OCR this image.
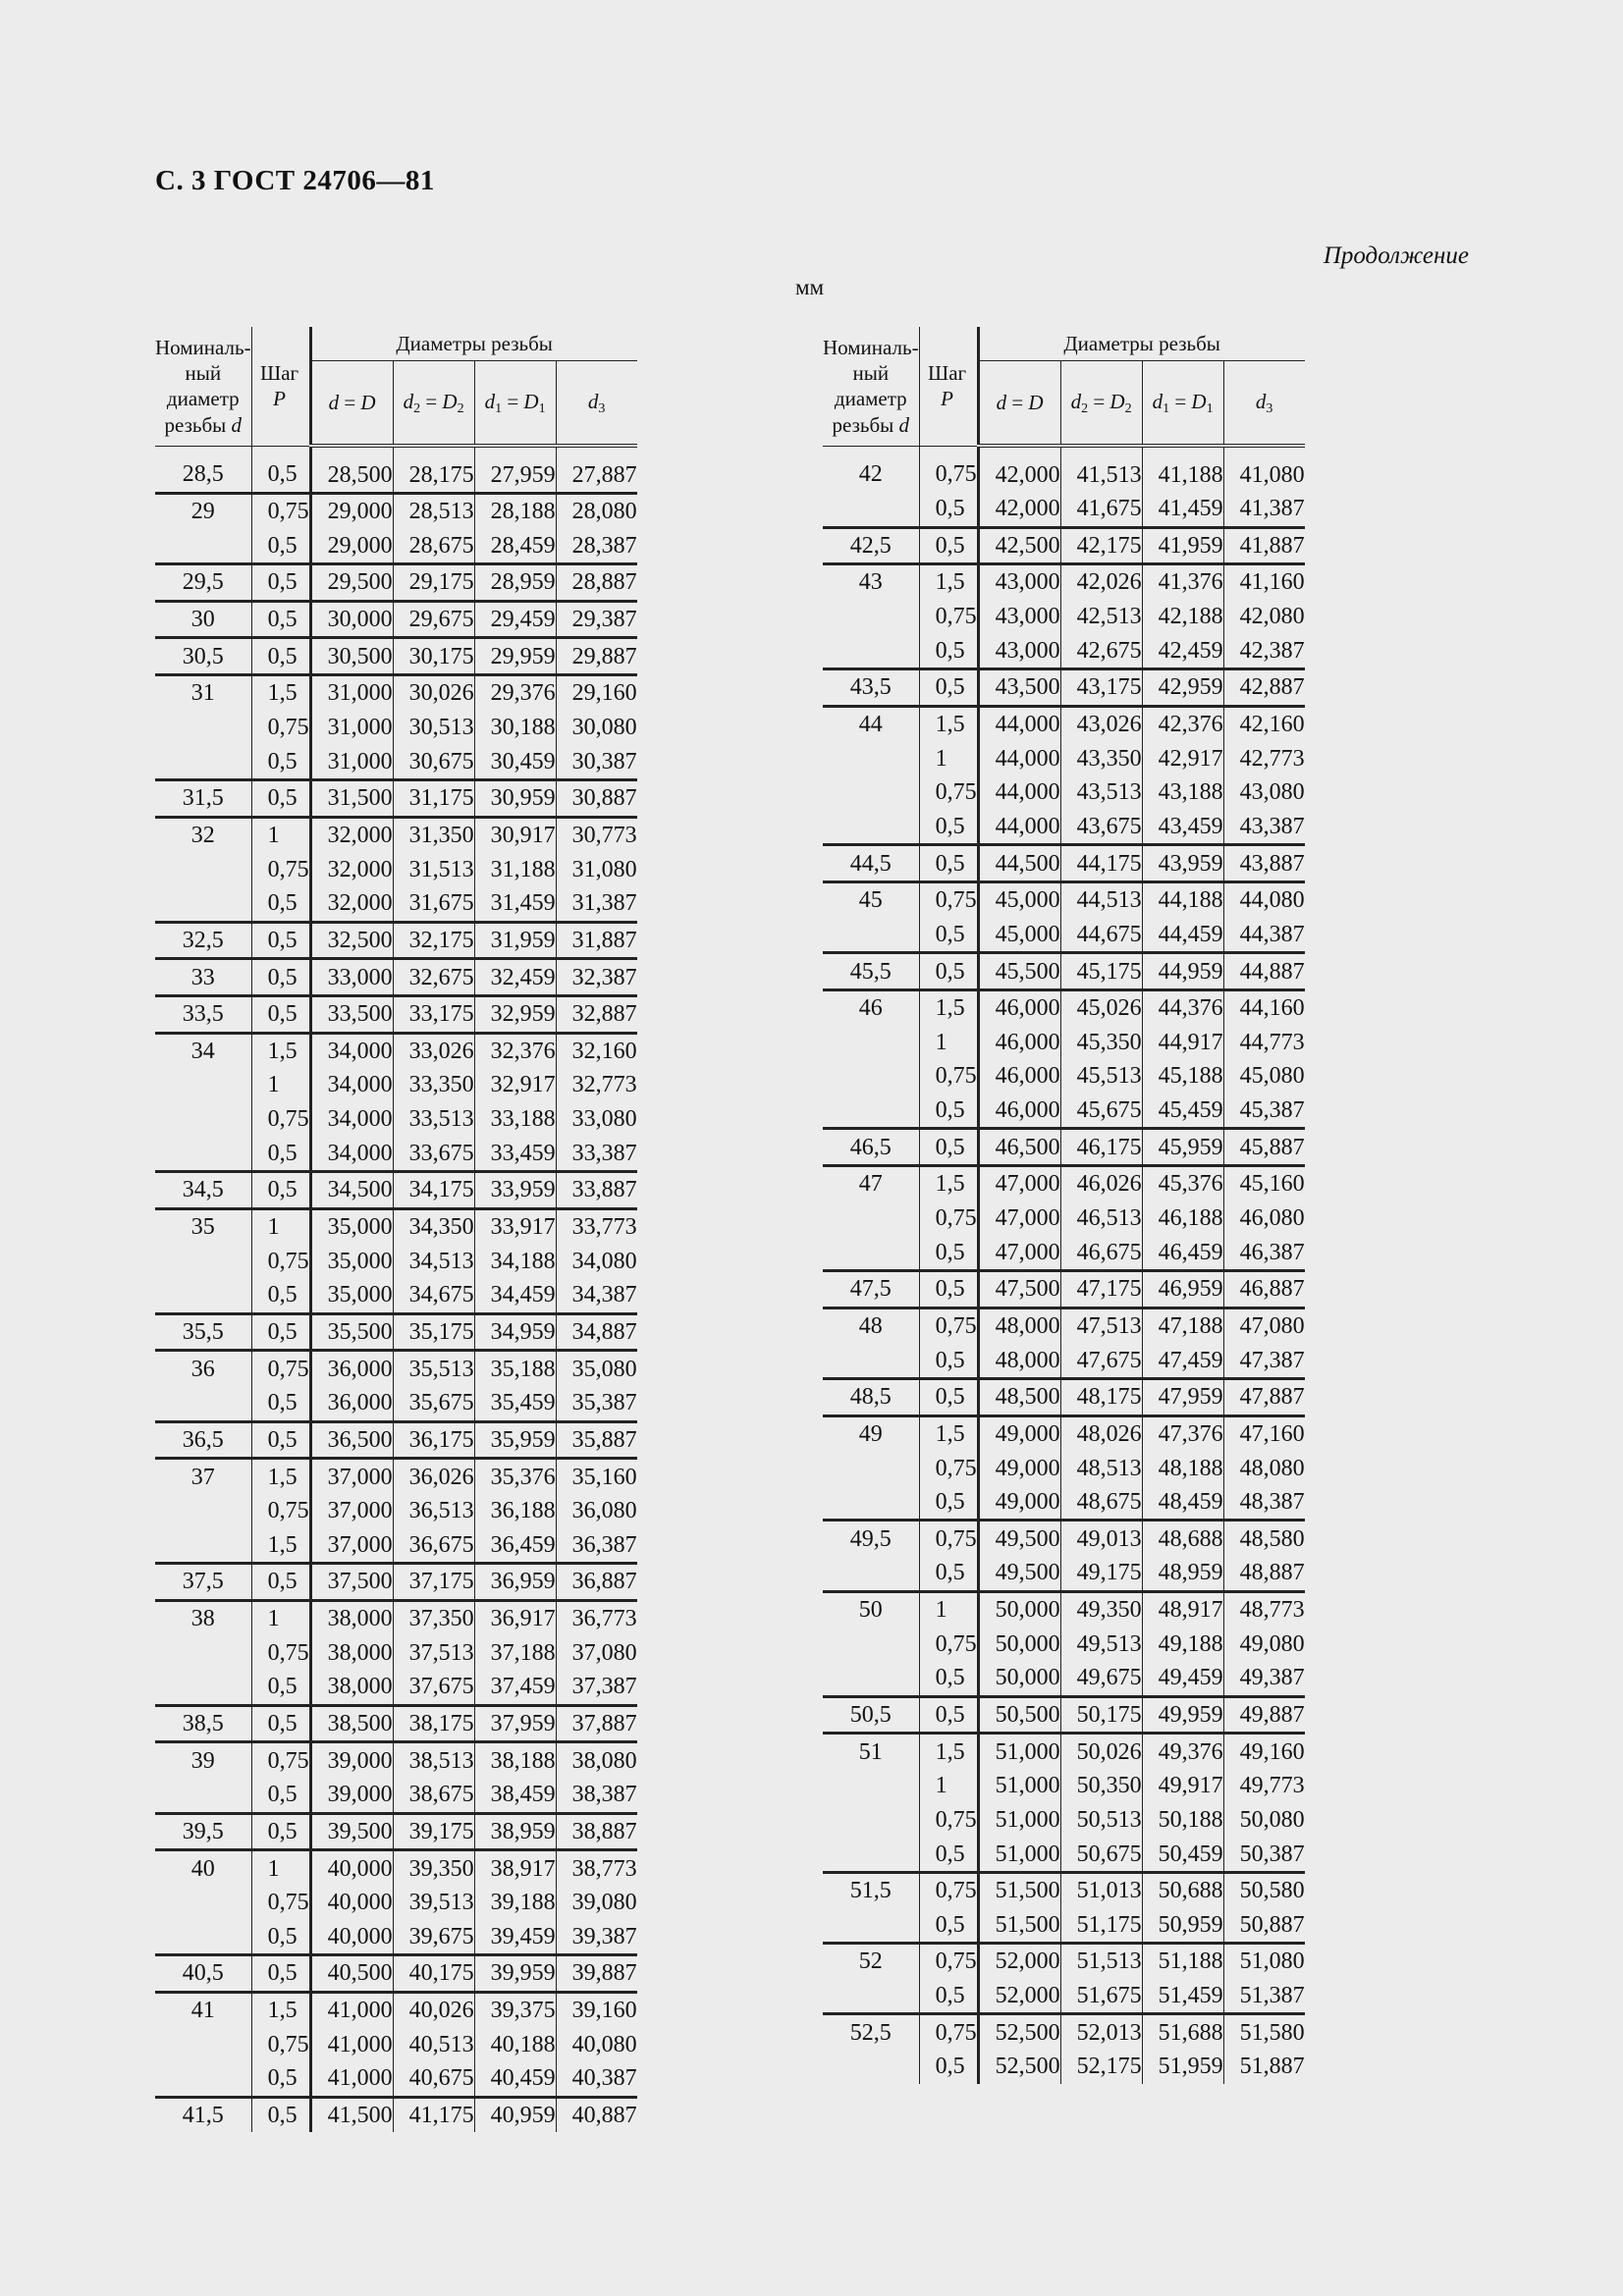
С. 3 ГОСТ 24706—81
Продолжение
мм
Номиналь-
ный
диаметр
резьбы d	Шаг P	Диаметры резьбы			
		d = D	$d_2 = D_2$	$d_1 = D_1$	$d_3$
28,5	0,5	28,500	28,175	27,959	27,887
29	0,75	29,000	28,513	28,188	28,080
	0,5	29,000	28,675	28,459	28,387
29,5	0,5	29,500	29,175	28,959	28,887
30	0,5	30,000	29,675	29,459	29,387
30,5	0,5	30,500	30,175	29,959	29,887
31	1,5	31,000	30,026	29,376	29,160
	0,75	31,000	30,513	30,188	30,080
	0,5	31,000	30,675	30,459	30,387
31,5	0,5	31,500	31,175	30,959	30,887
32	1	32,000	31,350	30,917	30,773
	0,75	32,000	31,513	31,188	31,080
	0,5	32,000	31,675	31,459	31,387
32,5	0,5	32,500	32,175	31,959	31,887
33	0,5	33,000	32,675	32,459	32,387
33,5	0,5	33,500	33,175	32,959	32,887
34	1,5	34,000	33,026	32,376	32,160
	1	34,000	33,350	32,917	32,773
	0,75	34,000	33,513	33,188	33,080
	0,5	34,000	33,675	33,459	33,387
34,5	0,5	34,500	34,175	33,959	33,887
35	1	35,000	34,350	33,917	33,773
	0,75	35,000	34,513	34,188	34,080
	0,5	35,000	34,675	34,459	34,387
35,5	0,5	35,500	35,175	34,959	34,887
36	0,75	36,000	35,513	35,188	35,080
	0,5	36,000	35,675	35,459	35,387
36,5	0,5	36,500	36,175	35,959	35,887
37	1,5	37,000	36,026	35,376	35,160
	0,75	37,000	36,513	36,188	36,080
	1,5	37,000	36,675	36,459	36,387
37,5	0,5	37,500	37,175	36,959	36,887
38	1	38,000	37,350	36,917	36,773
	0,75	38,000	37,513	37,188	37,080
	0,5	38,000	37,675	37,459	37,387
38,5	0,5	38,500	38,175	37,959	37,887
39	0,75	39,000	38,513	38,188	38,080
	0,5	39,000	38,675	38,459	38,387
39,5	0,5	39,500	39,175	38,959	38,887
40	1	40,000	39,350	38,917	38,773
	0,75	40,000	39,513	39,188	39,080
	0,5	40,000	39,675	39,459	39,387
40,5	0,5	40,500	40,175	39,959	39,887
41	1,5	41,000	40,026	39,375	39,160
	0,75	41,000	40,513	40,188	40,080
	0,5	41,000	40,675	40,459	40,387
41,5	0,5	41,500	41,175	40,959	40,887
Номиналь-
ный
диаметр
резьбы d	Шаг P	Диаметры резьбы			
		d = D	$d_2 = D_2$	$d_1 = D_1$	$d_3$
42	0,75	42,000	41,513	41,188	41,080
	0,5	42,000	41,675	41,459	41,387
42,5	0,5	42,500	42,175	41,959	41,887
43	1,5	43,000	42,026	41,376	41,160
	0,75	43,000	42,513	42,188	42,080
	0,5	43,000	42,675	42,459	42,387
43,5	0,5	43,500	43,175	42,959	42,887
44	1,5	44,000	43,026	42,376	42,160
	1	44,000	43,350	42,917	42,773
	0,75	44,000	43,513	43,188	43,080
	0,5	44,000	43,675	43,459	43,387
44,5	0,5	44,500	44,175	43,959	43,887
45	0,75	45,000	44,513	44,188	44,080
	0,5	45,000	44,675	44,459	44,387
45,5	0,5	45,500	45,175	44,959	44,887
46	1,5	46,000	45,026	44,376	44,160
	1	46,000	45,350	44,917	44,773
	0,75	46,000	45,513	45,188	45,080
	0,5	46,000	45,675	45,459	45,387
46,5	0,5	46,500	46,175	45,959	45,887
47	1,5	47,000	46,026	45,376	45,160
	0,75	47,000	46,513	46,188	46,080
	0,5	47,000	46,675	46,459	46,387
47,5	0,5	47,500	47,175	46,959	46,887
48	0,75	48,000	47,513	47,188	47,080
	0,5	48,000	47,675	47,459	47,387
48,5	0,5	48,500	48,175	47,959	47,887
49	1,5	49,000	48,026	47,376	47,160
	0,75	49,000	48,513	48,188	48,080
	0,5	49,000	48,675	48,459	48,387
49,5	0,75	49,500	49,013	48,688	48,580
	0,5	49,500	49,175	48,959	48,887
50	1	50,000	49,350	48,917	48,773
	0,75	50,000	49,513	49,188	49,080
	0,5	50,000	49,675	49,459	49,387
50,5	0,5	50,500	50,175	49,959	49,887
51	1,5	51,000	50,026	49,376	49,160
	1	51,000	50,350	49,917	49,773
	0,75	51,000	50,513	50,188	50,080
	0,5	51,000	50,675	50,459	50,387
51,5	0,75	51,500	51,013	50,688	50,580
	0,5	51,500	51,175	50,959	50,887
52	0,75	52,000	51,513	51,188	51,080
	0,5	52,000	51,675	51,459	51,387
52,5	0,75	52,500	52,013	51,688	51,580
	0,5	52,500	52,175	51,959	51,887
